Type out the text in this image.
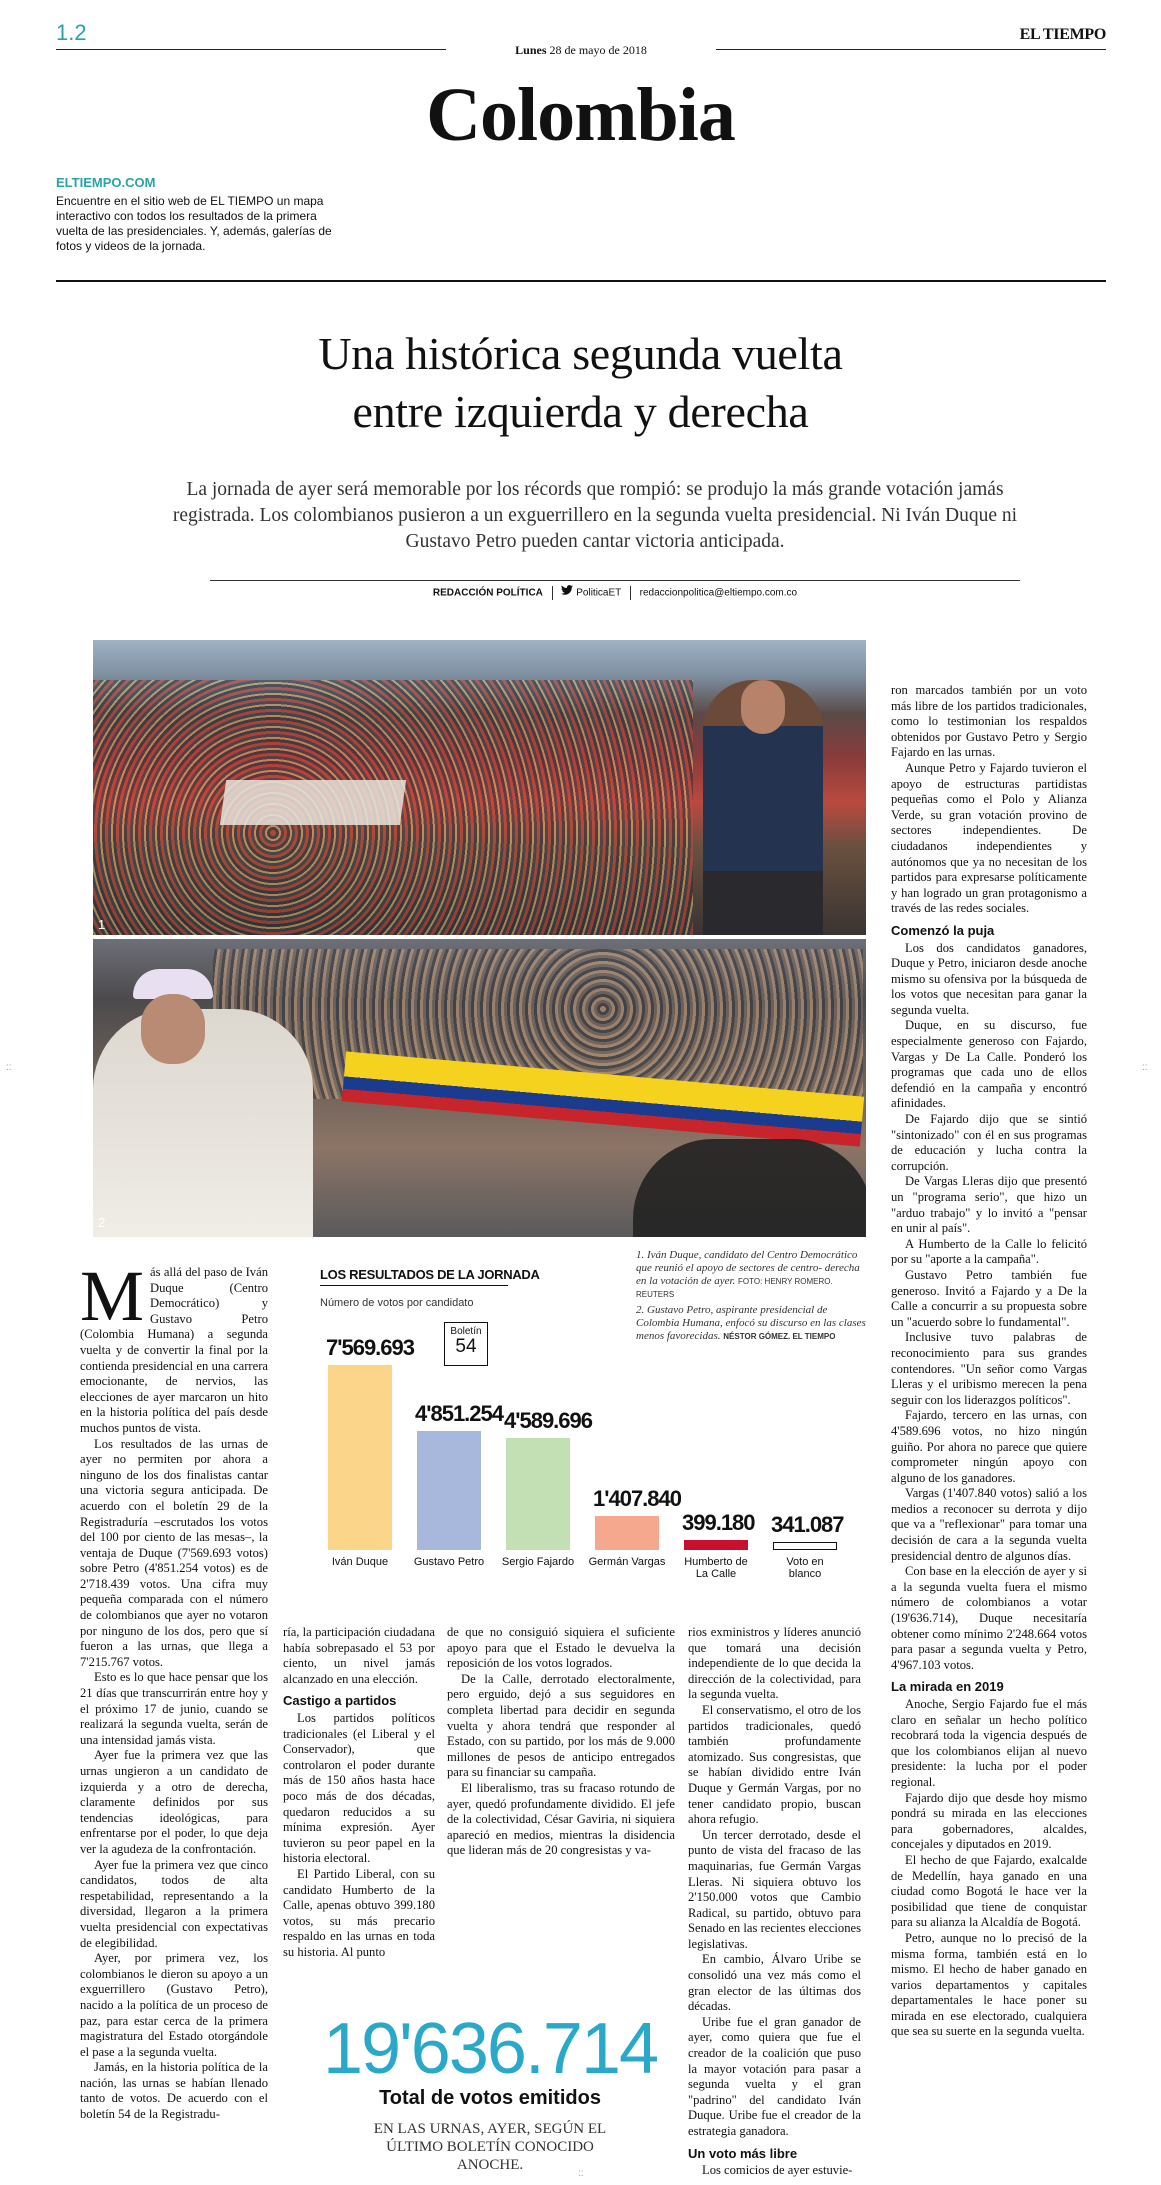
1.2
Lunes 28 de mayo de 2018
EL TIEMPO
Colombia
ELTIEMPO.COM
Encuentre en el sitio web de EL TIEMPO un mapa interactivo con todos los resultados de la primera vuelta de las presidenciales. Y, además, galerías de fotos y videos de la jornada.
Una histórica segunda vuelta
entre izquierda y derecha
La jornada de ayer será memorable por los récords que rompió: se produjo la más grande votación jamás registrada. Los colombianos pusieron a un exguerrillero en la segunda vuelta presidencial. Ni Iván Duque ni Gustavo Petro pueden cantar victoria anticipada.
REDACCIÓN POLÍTICA	PoliticaET redaccionpolitica@eltiempo.com.co
1
2
LOS RESULTADOS DE LA JORNADA
Número de votos por candidato
Boletín
54
7'569.693
Iván Duque
4'851.254
Gustavo Petro
4'589.696
Sergio Fajardo
1'407.840
Germán Vargas
399.180
Humberto de
La Calle
341.087
Voto en
blanco
1. Iván Duque, candidato del Centro Democrático que reunió el apoyo de sectores de centro- derecha en la votación de ayer. FOTO: HENRY ROMERO. REUTERS
2. Gustavo Petro, aspirante presidencial de Colombia Humana, enfocó su discurso en las clases menos favorecidas. NÉSTOR GÓMEZ. EL TIEMPO

Más allá del paso de Iván Duque (Centro Democrático) y Gustavo Petro (Colombia Humana) a segunda vuelta y de convertir la final por la contienda presidencial en una carrera emocionante, de nervios, las elecciones de ayer marcaron un hito en la historia política del país desde muchos puntos de vista.

Los resultados de las urnas de ayer no permiten por ahora a ninguno de los dos finalistas cantar una victoria segura anticipada. De acuerdo con el boletín 29 de la Registraduría –escrutados los votos del 100 por ciento de las mesas–, la ventaja de Duque (7'569.693 votos) sobre Petro (4'851.254 votos) es de 2'718.439 votos. Una cifra muy pequeña comparada con el número de colombianos que ayer no votaron por ninguno de los dos, pero que sí fueron a las urnas, que llega a 7'215.767 votos.

Esto es lo que hace pensar que los 21 días que transcurrirán entre hoy y el próximo 17 de junio, cuando se realizará la segunda vuelta, serán de una intensidad jamás vista.

Ayer fue la primera vez que las urnas ungieron a un candidato de izquierda y a otro de derecha, claramente definidos por sus tendencias ideológicas, para enfrentarse por el poder, lo que deja ver la agudeza de la confrontación.

Ayer fue la primera vez que cinco candidatos, todos de alta respetabilidad, representando a la diversidad, llegaron a la primera vuelta presidencial con expectativas de elegibilidad.

Ayer, por primera vez, los colombianos le dieron su apoyo a un exguerrillero (Gustavo Petro), nacido a la política de un proceso de paz, para estar cerca de la primera magistratura del Estado otorgándole el pase a la segunda vuelta.

Jamás, en la historia política de la nación, las urnas se habían llenado tanto de votos. De acuerdo con el boletín 54 de la Registradu-

ría, la participación ciudadana había sobrepasado el 53 por ciento, un nivel jamás alcanzado en una elección.

Castigo a partidos

Los partidos políticos tradicionales (el Liberal y el Conservador), que controlaron el poder durante más de 150 años hasta hace poco más de dos décadas, quedaron reducidos a su mínima expresión. Ayer tuvieron su peor papel en la historia electoral.

El Partido Liberal, con su candidato Humberto de la Calle, apenas obtuvo 399.180 votos, su más precario respaldo en las urnas en toda su historia. Al punto

de que no consiguió siquiera el suficiente apoyo para que el Estado le devuelva la reposición de los votos logrados.

De la Calle, derrotado electoralmente, pero erguido, dejó a sus seguidores en completa libertad para decidir en segunda vuelta y ahora tendrá que responder al Estado, con su partido, por los más de 9.000 millones de pesos de anticipo entregados para su financiar su campaña.

El liberalismo, tras su fracaso rotundo de ayer, quedó profundamente dividido. El jefe de la colectividad, César Gaviria, ni siquiera apareció en medios, mientras la disidencia que lideran más de 20 congresistas y va-

rios exministros y líderes anunció que tomará una decisión independiente de lo que decida la dirección de la colectividad, para la segunda vuelta.

El conservatismo, el otro de los partidos tradicionales, quedó también profundamente atomizado. Sus congresistas, que se habían dividido entre Iván Duque y Germán Vargas, por no tener candidato propio, buscan ahora refugio.

Un tercer derrotado, desde el punto de vista del fracaso de las maquinarias, fue Germán Vargas Lleras. Ni siquiera obtuvo los 2'150.000 votos que Cambio Radical, su partido, obtuvo para Senado en las recientes elecciones legislativas.

En cambio, Álvaro Uribe se consolidó una vez más como el gran elector de las últimas dos décadas.

Uribe fue el gran ganador de ayer, como quiera que fue el creador de la coalición que puso la mayor votación para pasar a segunda vuelta y el gran "padrino" del candidato Iván Duque. Uribe fue el creador de la estrategia ganadora.

Un voto más libre

Los comicios de ayer estuvie-

ron marcados también por un voto más libre de los partidos tradicionales, como lo testimonian los respaldos obtenidos por Gustavo Petro y Sergio Fajardo en las urnas.

Aunque Petro y Fajardo tuvieron el apoyo de estructuras partidistas pequeñas como el Polo y Alianza Verde, su gran votación provino de sectores independientes. De ciudadanos independientes y autónomos que ya no necesitan de los partidos para expresarse políticamente y han logrado un gran protagonismo a través de las redes sociales.

Comenzó la puja

Los dos candidatos ganadores, Duque y Petro, iniciaron desde anoche mismo su ofensiva por la búsqueda de los votos que necesitan para ganar la segunda vuelta.

Duque, en su discurso, fue especialmente generoso con Fajardo, Vargas y De La Calle. Ponderó los programas que cada uno de ellos defendió en la campaña y encontró afinidades.

De Fajardo dijo que se sintió "sintonizado" con él en sus programas de educación y lucha contra la corrupción.

De Vargas Lleras dijo que presentó un "programa serio", que hizo un "arduo trabajo" y lo invitó a "pensar en unir al país".

A Humberto de la Calle lo felicitó por su "aporte a la campaña".

Gustavo Petro también fue generoso. Invitó a Fajardo y a De la Calle a concurrir a su propuesta sobre un "acuerdo sobre lo fundamental".

Inclusive tuvo palabras de reconocimiento para sus grandes contendores. "Un señor como Vargas Lleras y el uribismo merecen la pena seguir con los liderazgos políticos".

Fajardo, tercero en las urnas, con 4'589.696 votos, no hizo ningún guiño. Por ahora no parece que quiere comprometer ningún apoyo con alguno de los ganadores.

Vargas (1'407.840 votos) salió a los medios a reconocer su derrota y dijo que va a "reflexionar" para tomar una decisión de cara a la segunda vuelta presidencial dentro de algunos días.

Con base en la elección de ayer y si a la segunda vuelta fuera el mismo número de colombianos a votar (19'636.714), Duque necesitaría obtener como mínimo 2'248.664 votos para pasar a segunda vuelta y Petro, 4'967.103 votos.

La mirada en 2019

Anoche, Sergio Fajardo fue el más claro en señalar un hecho político recobrará toda la vigencia después de que los colombianos elijan al nuevo presidente: la lucha por el poder regional.

Fajardo dijo que desde hoy mismo pondrá su mirada en las elecciones para gobernadores, alcaldes, concejales y diputados en 2019.

El hecho de que Fajardo, exalcalde de Medellín, haya ganado en una ciudad como Bogotá le hace ver la posibilidad que tiene de conquistar para su alianza la Alcaldía de Bogotá.

Petro, aunque no lo precisó de la misma forma, también está en lo mismo. El hecho de haber ganado en varios departamentos y capitales departamentales le hace poner su mirada en ese electorado, cualquiera que sea su suerte en la segunda vuelta.

19'636.714
Total de votos emitidos
EN LAS URNAS, AYER, SEGÚN EL
ÚLTIMO BOLETÍN CONOCIDO
ANOCHE.
::	::
::
